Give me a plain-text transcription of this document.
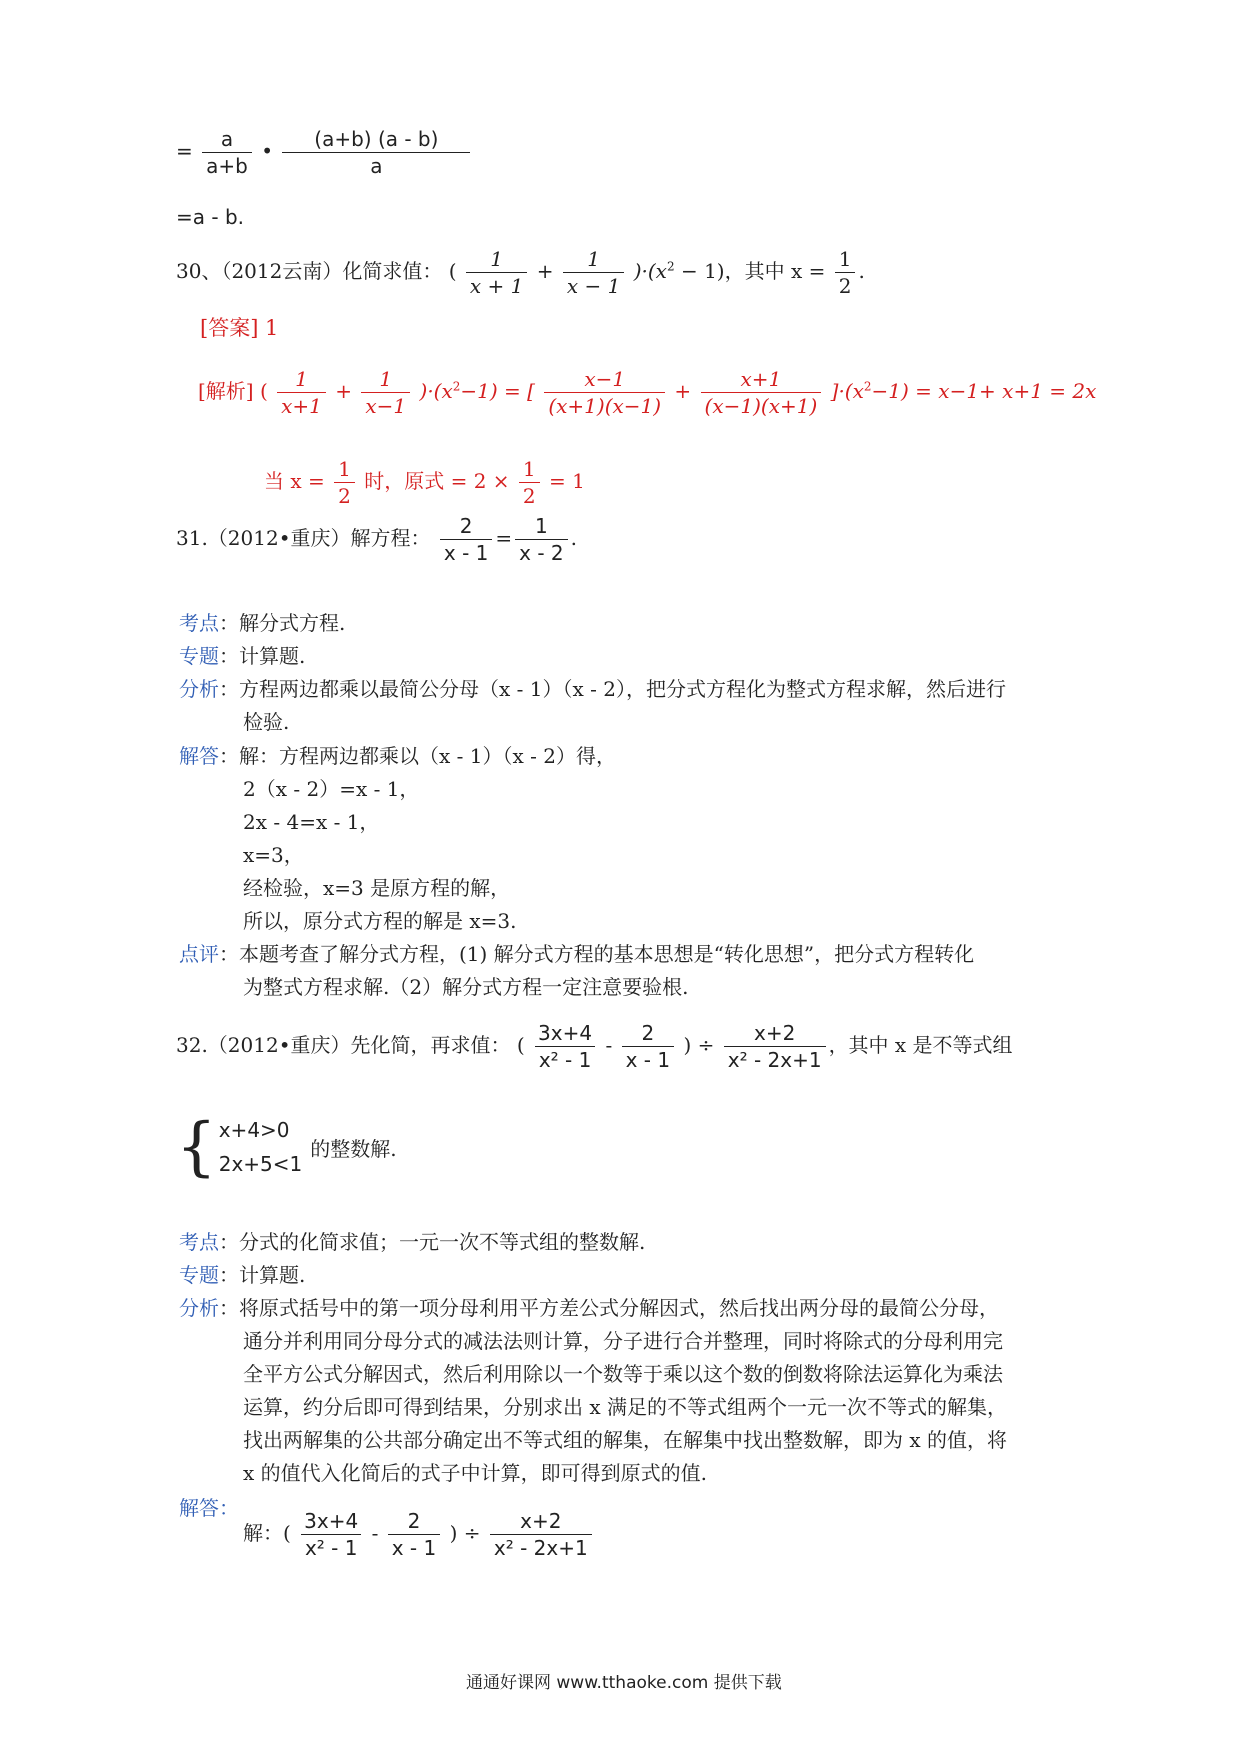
= $\frac{a}{a+b}$ • $\frac{(a+b) (a - b)}{a}$
=a - b.
30、（2012云南）化简求值： ( $\frac{1}{x + 1} + \frac{1}{x - 1} )\cdot(x^2 - 1)$，其中 $x = \frac{1}{2}$ .
[答案] 1
[解析] ( $\frac{1}{x+1} + \frac{1}{x-1} )\cdot(x^2-1)$ = [ $\frac{x-1}{(x+1)(x-1)} + \frac{x+1}{(x-1)(x+1)} ]\cdot(x^2-1) = x-1+ x+1 = 2x$
当 $x = \frac{1}{2}$ 时，原式 = $2 \times \frac{1}{2} = 1$
31.（2012•重庆）解方程： $\frac{2}{x - 1} = \frac{1}{x - 2}$ .
考点：解分式方程.
专题：计算题.
分析：方程两边都乘以最简公分母（x - 1）（x - 2），把分式方程化为整式方程求解，然后进行
检验.
解答：解：方程两边都乘以（x - 1）（x - 2）得，
2（x - 2）=x - 1，
2x - 4=x - 1，
x=3，
经检验，x=3 是原方程的解，
所以，原分式方程的解是 x=3.
点评：本题考查了解分式方程，(1) 解分式方程的基本思想是“转化思想”，把分式方程转化
为整式方程求解.（2）解分式方程一定注意要验根.
32.（2012•重庆）先化简，再求值： ( $\frac{3x+4}{\text{x² - 1}} - \frac{2}{x - 1}$ ) ÷ $\frac{x+2}{\text{x² - 2x+1}}$ ，其中 x 是不等式组
{ x+4>0
2x+5<1
的整数解.
考点：分式的化简求值；一元一次不等式组的整数解.
专题：计算题.
分析：将原式括号中的第一项分母利用平方差公式分解因式，然后找出两分母的最简公分母，
通分并利用同分母分式的减法法则计算，分子进行合并整理，同时将除式的分母利用完
全平方公式分解因式，然后利用除以一个数等于乘以这个数的倒数将除法运算化为乘法
运算，约分后即可得到结果，分别求出 x 满足的不等式组两个一元一次不等式的解集，
找出两解集的公共部分确定出不等式组的解集，在解集中找出整数解，即为 x 的值，将
x 的值代入化简后的式子中计算，即可得到原式的值.
解答：
解：( $\frac{3x+4}{\text{x² - 1}} - \frac{2}{x - 1}$ ) ÷ $\frac{x+2}{\text{x² - 2x+1}}$
通通好课网 www.tthaoke.com 提供下载
